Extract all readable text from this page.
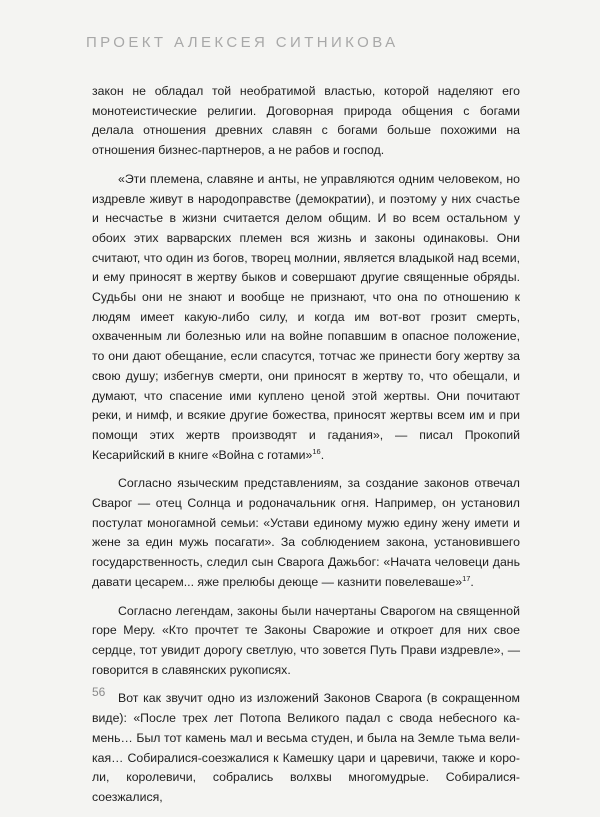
ПРОЕКТ АЛЕКСЕЯ СИТНИКОВА

закон не обладал той необратимой властью, которой наделяют его монотеистические религии. Договорная природа общения с богами делала отношения древних славян с богами больше похожими на отношения бизнес-партнеров, а не рабов и господ.

«Эти племена, славяне и анты, не управляются одним человеком, но издревле живут в народоправстве (демократии), и поэтому у них счастье и несчастье в жизни считается делом общим. И во всем остальном у обоих этих варварских племен вся жизнь и законы одинаковы. Они считают, что один из богов, творец молнии, является владыкой над всеми, и ему приносят в жертву быков и совершают другие священные обряды. Судьбы они не знают и вообще не признают, что она по отношению к людям имеет какую-либо силу, и когда им вот-вот грозит смерть, охваченным ли болезнью или на войне попавшим в опасное положение, то они дают обещание, если спасутся, тотчас же принести богу жертву за свою душу; избегнув смерти, они приносят в жертву то, что обещали, и думают, что спасение ими куплено ценой этой жертвы. Они почитают реки, и нимф, и всякие другие божества, приносят жертвы всем им и при помощи этих жертв производят и гадания», — писал Прокопий Кесарийский в книге «Война с готами»$^{16}$.

Согласно языческим представлениям, за создание законов отвечал Сварог — отец Солнца и родоначальник огня. Например, он установил постулат моногамной семьи: «Устави единому мужю едину жену имети и жене за един мужь посагати». За соблюдением закона, установившего государственность, следил сын Сварога Дажьбог: «Начата человеци дань давати цесарем... яже прелюбы деюще — казнити повелеваше»$^{17}$.

Согласно легендам, законы были начертаны Сварогом на священной горе Меру. «Кто прочтет те Законы Сварожие и откроет для них свое сердце, тот увидит дорогу светлую, что зовется Путь Прави издревле», — говорится в славянских рукописях.

Вот как звучит одно из изложений Законов Сварога (в сокращенном виде): «После трех лет Потопа Великого падал с свода небесного камень… Был тот камень мал и весьма студен, и была на Земле тьма великая… Собиралися-соезжалися к Камешку цари и царевичи, также и короли, королевичи, собрались волхвы многомудрые. Собиралися-соезжалися,

56
